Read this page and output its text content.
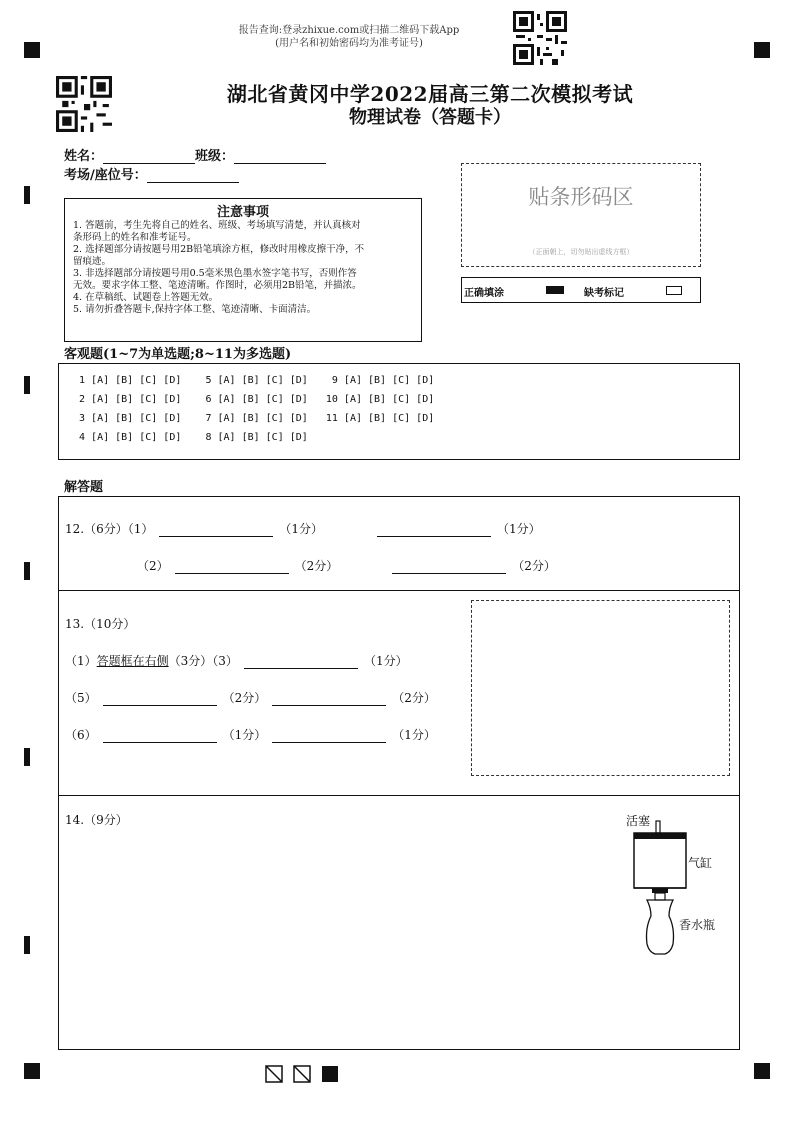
报告查询:登录zhixue.com或扫描二维码下载App
(用户名和初始密码均为准考证号)
湖北省黄冈中学2022届高三第二次模拟考试
物理试卷（答题卡）
姓名：	班级：
考场/座位号：
注意事项
1. 答题前，考生先将自己的姓名、班级、考场填写清楚，并认真核对
条形码上的姓名和准考证号。
2. 选择题部分请按题号用2B铅笔填涂方框，修改时用橡皮擦干净，不
留痕迹。
3. 非选择题部分请按题号用0.5毫米黑色墨水签字笔书写，否则作答
无效。要求字体工整、笔迹清晰。作图时，必须用2B铅笔，并描浓。
4. 在草稿纸、试题卷上答题无效。
5. 请勿折叠答题卡,保持字体工整、笔迹清晰、卡面清洁。
贴条形码区
（正面朝上，切勿贴出虚线方框）
正确填涂	缺考标记
客观题(1~7为单选题;8~11为多选题)
1 [A] [B] [C] [D]    5 [A] [B] [C] [D]    9 [A] [B] [C] [D]
2 [A] [B] [C] [D]    6 [A] [B] [C] [D]   10 [A] [B] [C] [D]
3 [A] [B] [C] [D]    7 [A] [B] [C] [D]   11 [A] [B] [C] [D]
4 [A] [B] [C] [D]    8 [A] [B] [C] [D]
解答题
12.（6分）（1）	（1分）	（1分）
（2）	（2分）	（2分）
13.（10分）
（1）答题框在右侧（3分）（3）	（1分）
（5）	（2分）	（2分）
（6）	（1分）	（1分）
14.（9分）	活塞
气缸
香水瓶
